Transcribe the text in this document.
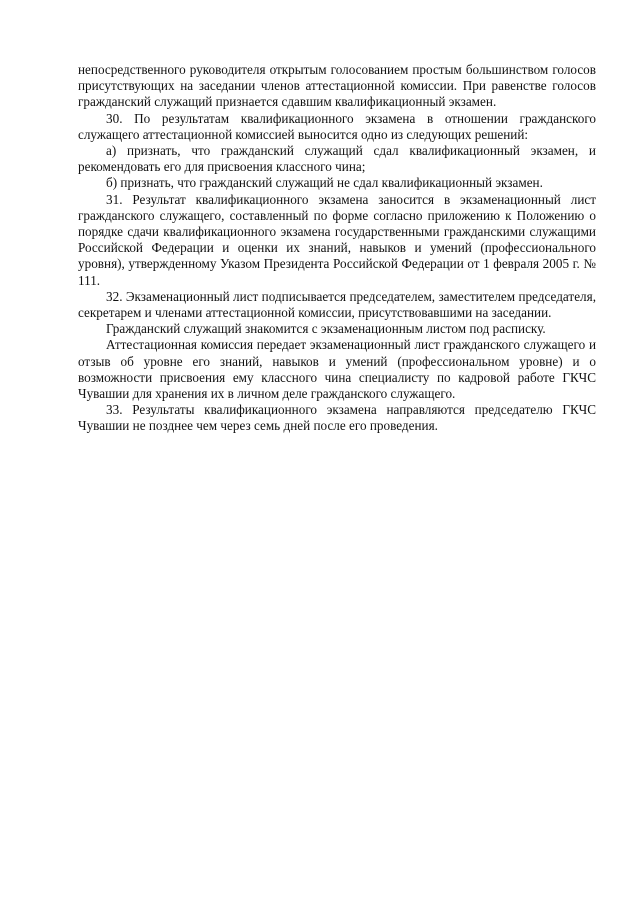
непосредственного руководителя открытым голосованием простым большинством голосов присутствующих на заседании членов аттестационной комиссии. При равенстве голосов гражданский служащий признается сдавшим квалификационный экзамен.

30. По результатам квалификационного экзамена в отношении гражданского служащего аттестационной комиссией выносится одно из следующих решений:

а) признать, что гражданский служащий сдал квалификационный экзамен, и рекомендовать его для присвоения классного чина;

б) признать, что гражданский служащий не сдал квалификационный экзамен.

31. Результат квалификационного экзамена заносится в экзаменационный лист гражданского служащего, составленный по форме согласно приложению к Положению о порядке сдачи квалификационного экзамена государственными гражданскими служащими Российской Федерации и оценки их знаний, навыков и умений (профессионального уровня), утвержденному Указом Президента Российской Федерации от 1 февраля 2005 г. № 111.

32. Экзаменационный лист подписывается председателем, заместителем председателя, секретарем и членами аттестационной комиссии, присутствовавшими на заседании.

Гражданский служащий знакомится с экзаменационным листом под расписку.

Аттестационная комиссия передает экзаменационный лист гражданского служащего и отзыв об уровне его знаний, навыков и умений (профессиональном уровне) и о возможности присвоения ему классного чина специалисту по кадровой работе ГКЧС Чувашии для хранения их в личном деле гражданского служащего.

33. Результаты квалификационного экзамена направляются председателю ГКЧС Чувашии не позднее чем через семь дней после его проведения.
